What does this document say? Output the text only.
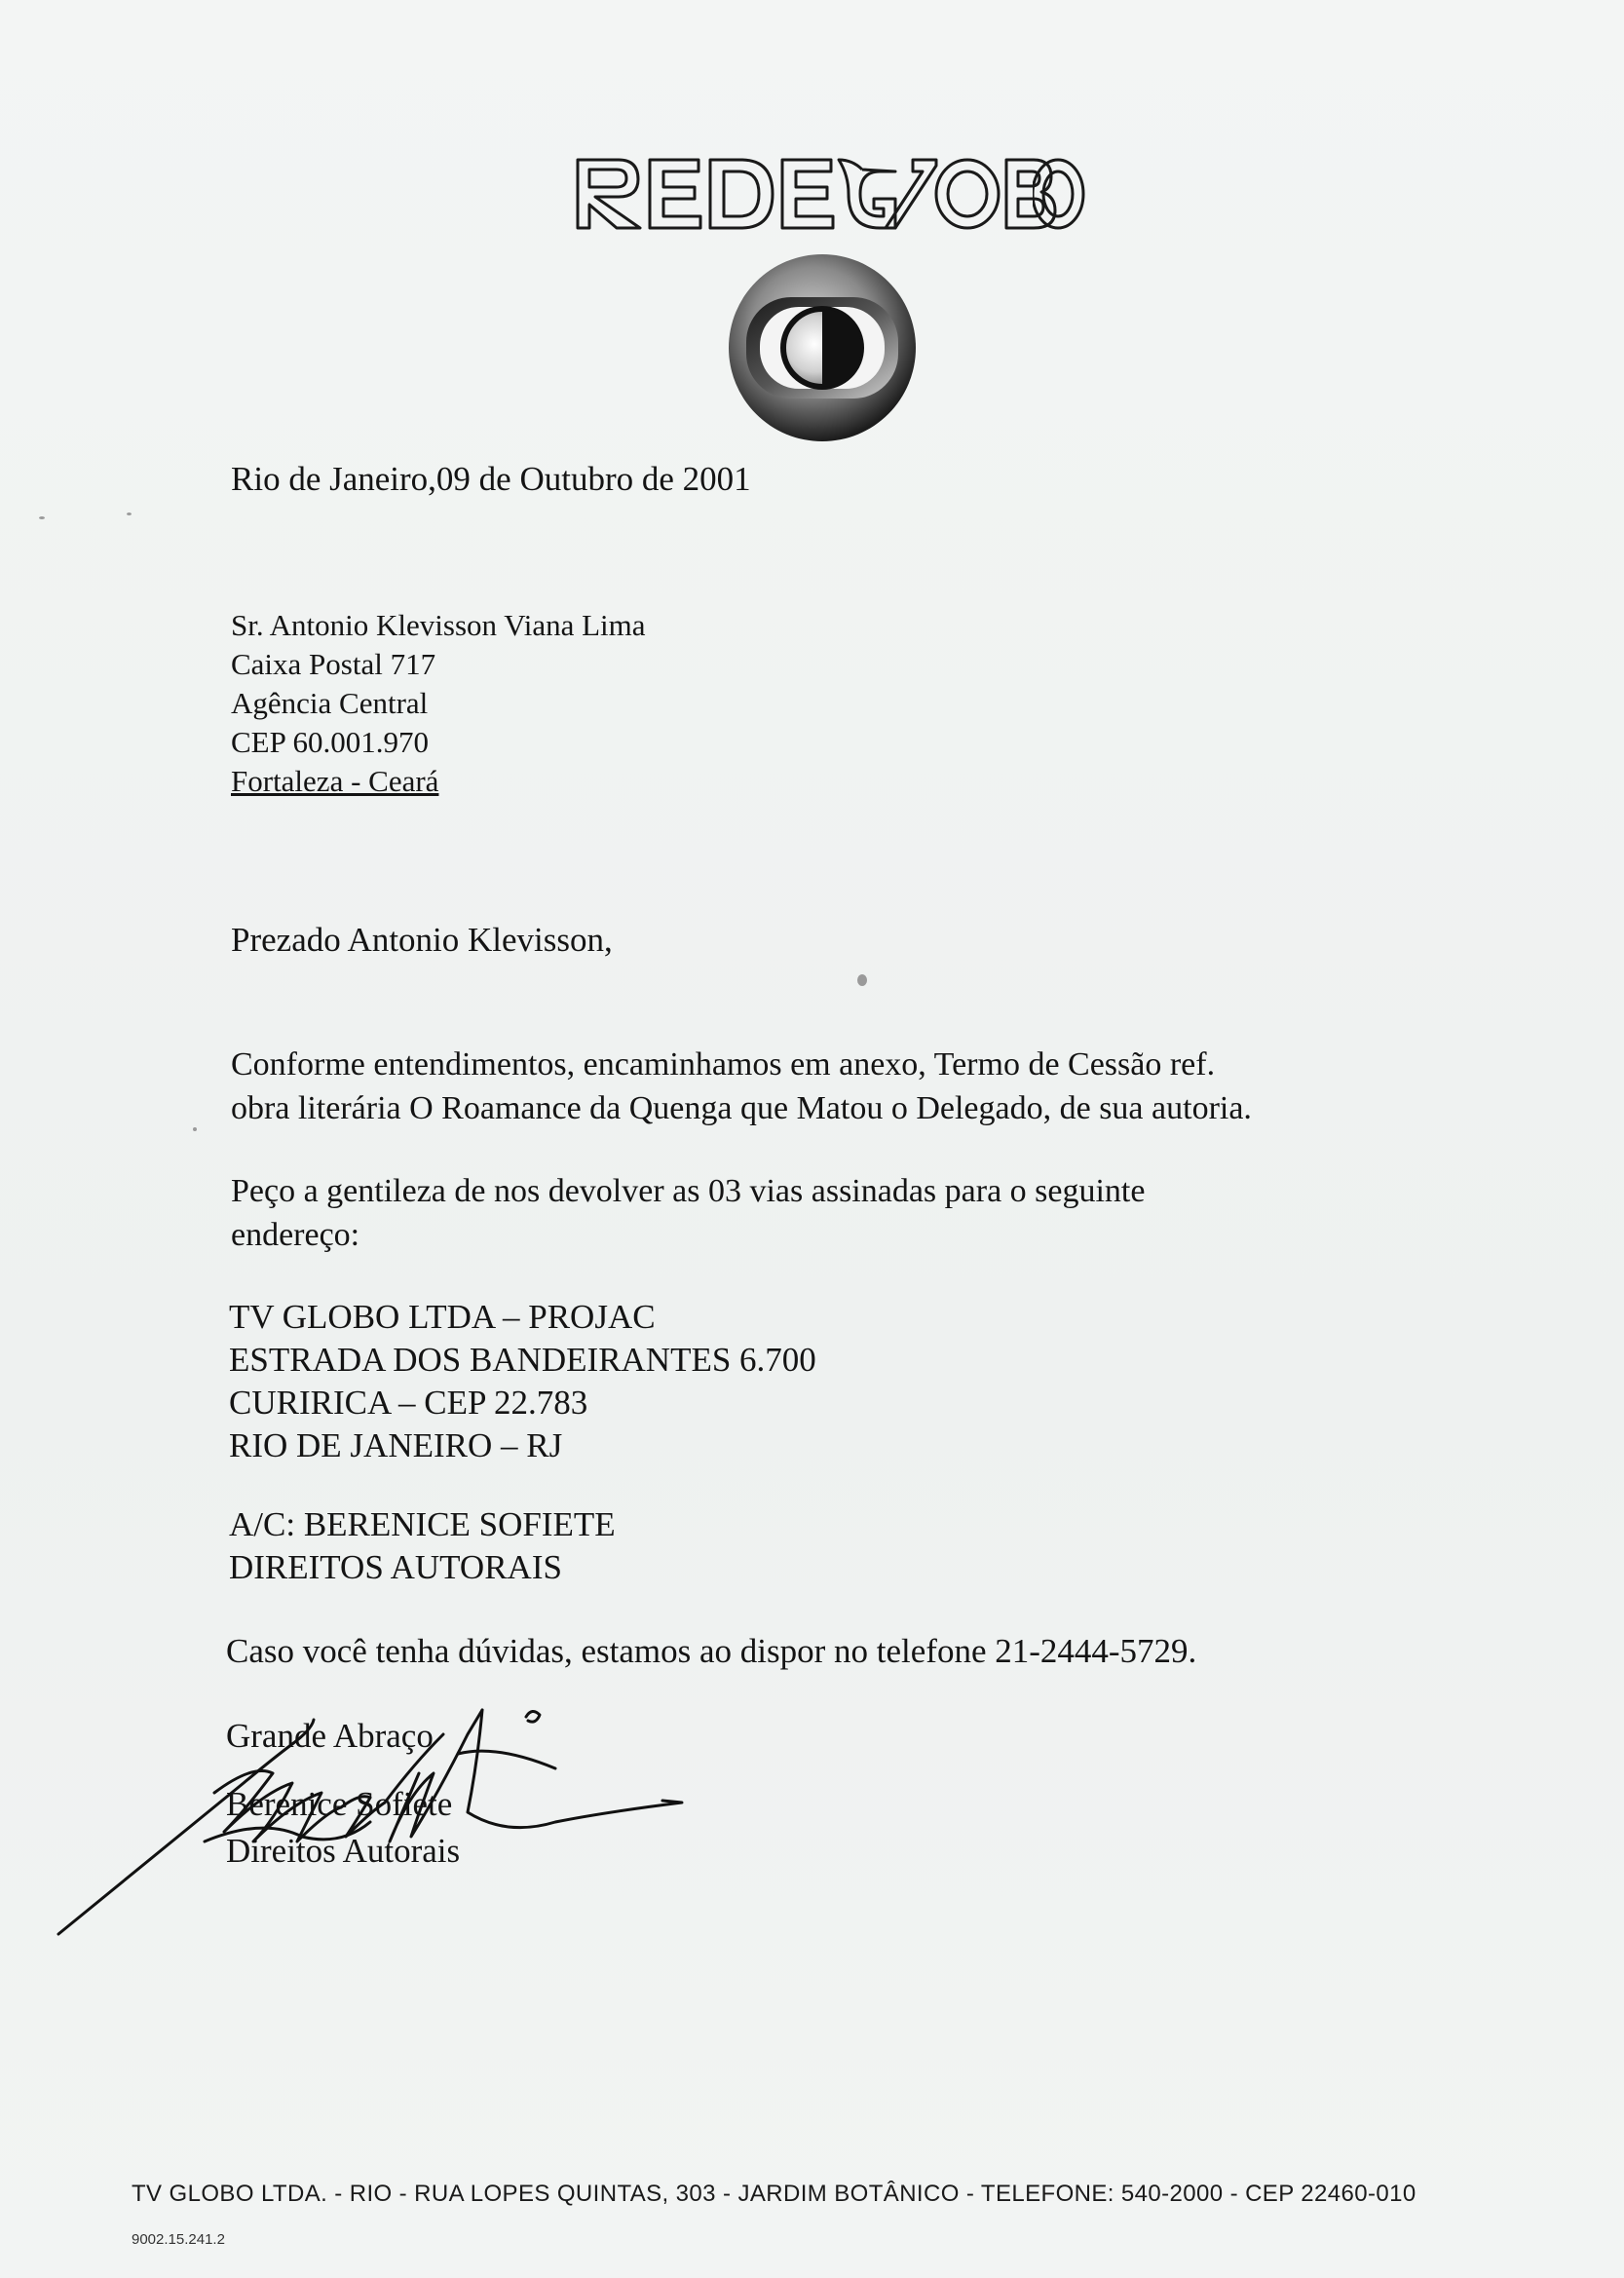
Rio de Janeiro,09 de Outubro de 2001
Sr. Antonio Klevisson Viana Lima
Caixa Postal 717
Agência Central
CEP 60.001.970
Fortaleza - Ceará
Prezado Antonio Klevisson,
Conforme entendimentos, encaminhamos em anexo, Termo de Cessão ref.
obra literária O Roamance da Quenga que Matou o Delegado, de sua autoria.
Peço a gentileza de nos devolver as 03 vias assinadas para o seguinte
endereço:
TV GLOBO LTDA – PROJAC
ESTRADA DOS BANDEIRANTES 6.700
CURIRICA – CEP 22.783
RIO DE JANEIRO – RJ
A/C: BERENICE SOFIETE
DIREITOS AUTORAIS
Caso você tenha dúvidas, estamos ao dispor no telefone 21-2444-5729.
Grande Abraço
Berenice Sofiete
Direitos Autorais
TV GLOBO LTDA. - RIO - RUA LOPES QUINTAS, 303 - JARDIM BOTÂNICO - TELEFONE: 540-2000 - CEP 22460-010
9002.15.241.2
